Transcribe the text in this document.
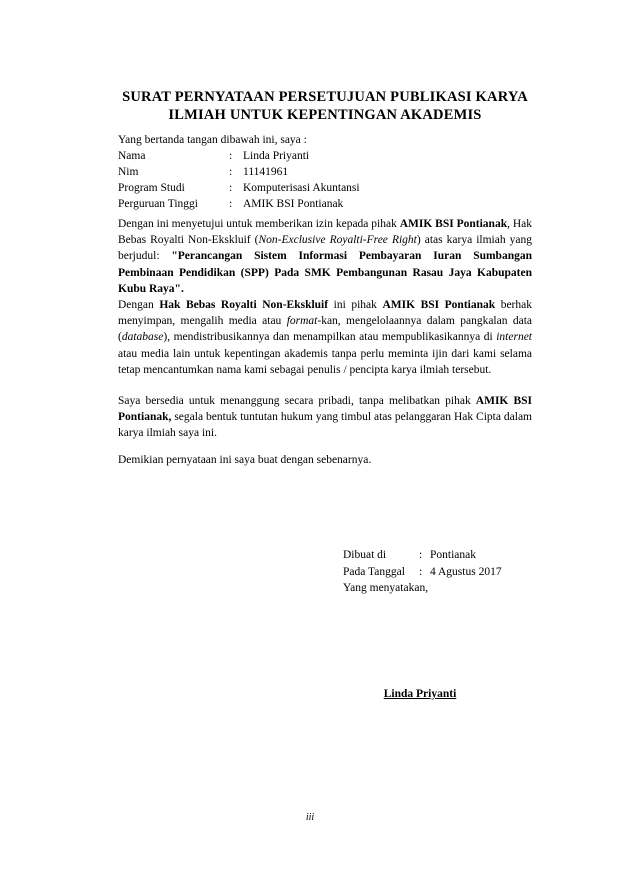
SURAT PERNYATAAN PERSETUJUAN PUBLIKASI KARYA
ILMIAH UNTUK KEPENTINGAN AKADEMIS
Yang bertanda tangan dibawah ini, saya :
Nama	: Linda Priyanti
Nim	: 11141961
Program Studi	: Komputerisasi Akuntansi
Perguruan Tinggi	: AMIK BSI Pontianak

Dengan ini menyetujui untuk memberikan izin kepada pihak AMIK BSI Pontianak, Hak Bebas Royalti Non-Ekskluif (Non-Exclusive Royalti-Free Right) atas karya ilmiah yang berjudul: "Perancangan Sistem Informasi Pembayaran Iuran Sumbangan Pembinaan Pendidikan (SPP) Pada SMK Pembangunan Rasau Jaya Kabupaten Kubu Raya".

Dengan Hak Bebas Royalti Non-Ekskluif ini pihak AMIK BSI Pontianak berhak menyimpan, mengalih media atau format-kan, mengelolaannya dalam pangkalan data (database), mendistribusikannya dan menampilkan atau mempublikasikannya di internet atau media lain untuk kepentingan akademis tanpa perlu meminta ijin dari kami selama tetap mencantumkan nama kami sebagai penulis / pencipta karya ilmiah tersebut.

Saya bersedia untuk menanggung secara pribadi, tanpa melibatkan pihak AMIK BSI Pontianak, segala bentuk tuntutan hukum yang timbul atas pelanggaran Hak Cipta dalam karya ilmiah saya ini.

Demikian pernyataan ini saya buat dengan sebenarnya.

Dibuat di	: Pontianak
Pada Tanggal : 4 Agustus 2017
Yang menyatakan,
Linda Priyanti
iii
